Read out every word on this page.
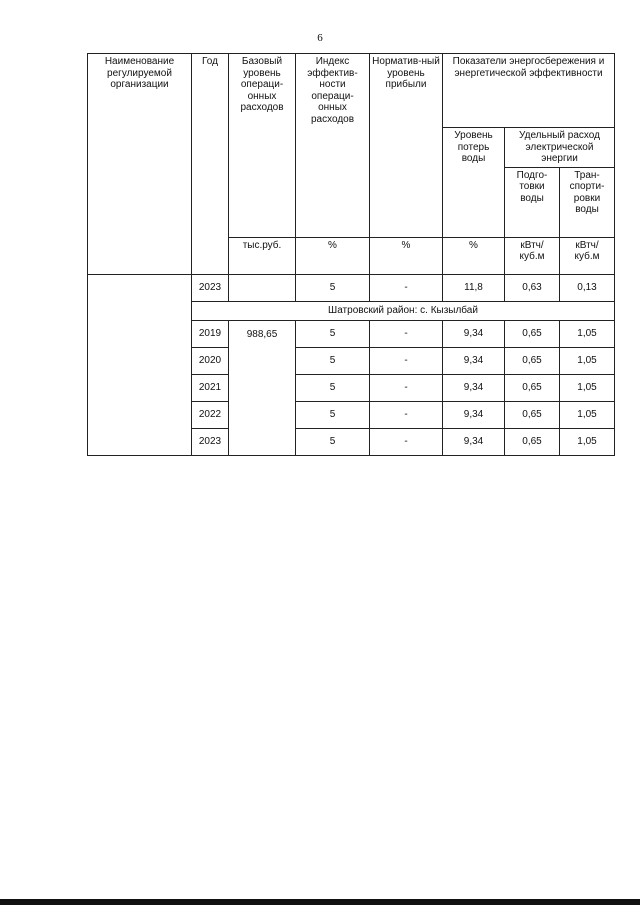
6
Наименование регулируемой организации	Год	Базовый уровень операци-онных расходов	Индекс эффектив-ности операци-онных расходов	Норматив-ный уровень прибыли	Показатели энергосбережения и энергетической эффективности		
					Уровень потерь воды	Удельный расход электрической энергии	
						Подго-товки воды	Тран-спорти-ровки воды
		тыс.руб.	%	%	%	кВтч/ куб.м	кВтч/ куб.м
	2023		5	-	11,8	0,63	0,13
	Шатровский район: с. Кызылбай						
	2019	988,65	5	-	9,34	0,65	1,05
	2020		5	-	9,34	0,65	1,05
	2021		5	-	9,34	0,65	1,05
	2022		5	-	9,34	0,65	1,05
	2023		5	-	9,34	0,65	1,05
